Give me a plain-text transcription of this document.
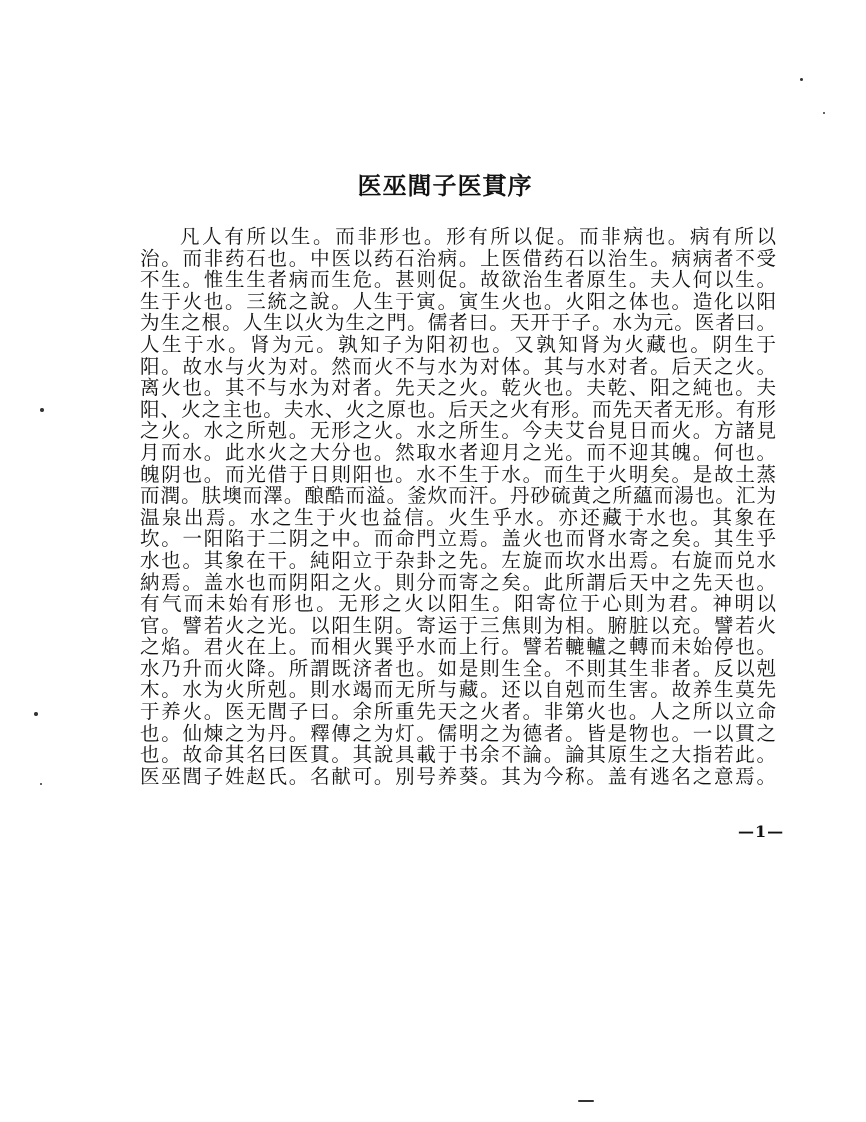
医巫閭子医貫序
凡人有所以生。而非形也。形有所以促。而非病也。病有所以
治。而非药石也。中医以药石治病。上医借药石以治生。病病者不受
不生。惟生生者病而生危。甚则促。故欲治生者原生。夫人何以生。
生于火也。三統之說。人生于寅。寅生火也。火阳之体也。造化以阳
为生之根。人生以火为生之門。儒者曰。天开于子。水为元。医者曰。
人生于水。肾为元。孰知子为阳初也。又孰知肾为火藏也。阴生于
阳。故水与火为对。然而火不与水为对体。其与水对者。后天之火。
离火也。其不与水为对者。先天之火。乾火也。夫乾、阳之純也。夫
阳、火之主也。夫水、火之原也。后天之火有形。而先天者无形。有形
之火。水之所剋。无形之火。水之所生。今夫艾台見日而火。方諸見
月而水。此水火之大分也。然取水者迎月之光。而不迎其魄。何也。
魄阴也。而光借于日則阳也。水不生于水。而生于火明矣。是故土蒸
而潤。肤墺而澤。酿酷而溢。釜炊而汗。丹砂硫黄之所蘊而湯也。汇为
温泉出焉。水之生于火也益信。火生乎水。亦还藏于水也。其象在
坎。一阳陷于二阴之中。而命門立焉。盖火也而肾水寄之矣。其生乎
水也。其象在干。純阳立于杂卦之先。左旋而坎水出焉。右旋而兑水
納焉。盖水也而阴阳之火。則分而寄之矣。此所謂后天中之先天也。
有气而未始有形也。无形之火以阳生。阳寄位于心則为君。神明以
官。譬若火之光。以阳生阴。寄运于三焦則为相。腑脏以充。譬若火
之焰。君火在上。而相火巽乎水而上行。譬若轆轤之轉而未始停也。
水乃升而火降。所謂既济者也。如是則生全。不則其生非者。反以剋
木。水为火所剋。則水竭而无所与藏。还以自剋而生害。故养生莫先
于养火。医无閭子曰。余所重先天之火者。非第火也。人之所以立命
也。仙煉之为丹。釋傳之为灯。儒明之为德者。皆是物也。一以貫之
也。故命其名曰医貫。其說具載于书余不論。論其原生之大指若此。
医巫閭子姓赵氏。名献可。別号养葵。其为今称。盖有逃名之意焉。
—1—
